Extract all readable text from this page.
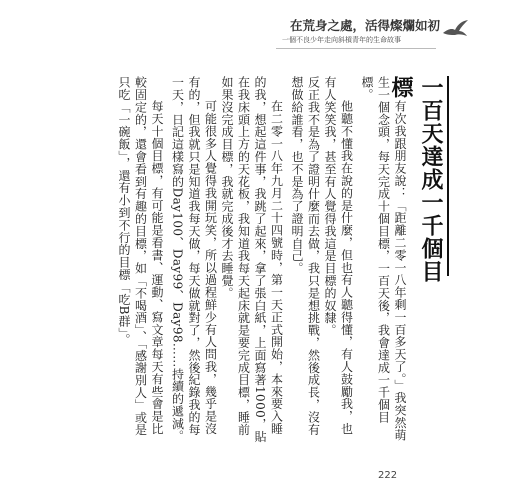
在荒身之處，活得燦爛如初
一個不良少年走向斜槓青年的生命故事
一百天達成一千個目標

有次我跟朋友說：「距離二零一八年剩一百多天了。」我突然萌生一個念頭，每天完成十個目標，一百天後，我會達成一千個目標。

他聽不懂我在說的是什麼，但也有人聽得懂，有人鼓勵我，也有人笑笑我，甚至有人覺得我這是目標的奴隸。

反正我不是為了證明什麼而去做，我只是想挑戰，然後成長，沒有想做給誰看，也不是為了證明自己。

在二零一八年九月二十四號時，第一天正式開始，本來要入睡的我，想起這件事，我跳了起來，拿了張白紙，上面寫著1000，貼在我床頭上方的天花板，我知道我每天起床就是要完成目標，睡前如果沒完成目標，我就完成後才去睡覺。

可能很多人覺得我開玩笑，所以過程鮮少有人問我，幾乎是沒有的，但我就只是知道我每天做，每天做就對了，然後紀錄我的每一天，日記這樣寫的Day100、Day99、Day98……持續的遞減。

每天十個目標，有可能是看書、運動、寫文章每天有些會是比較固定的，還會看到有趣的目標，如「不喝酒」、「感謝別人」或是只吃「一碗飯」，還有小到不行的目標「吃B群」。

222
